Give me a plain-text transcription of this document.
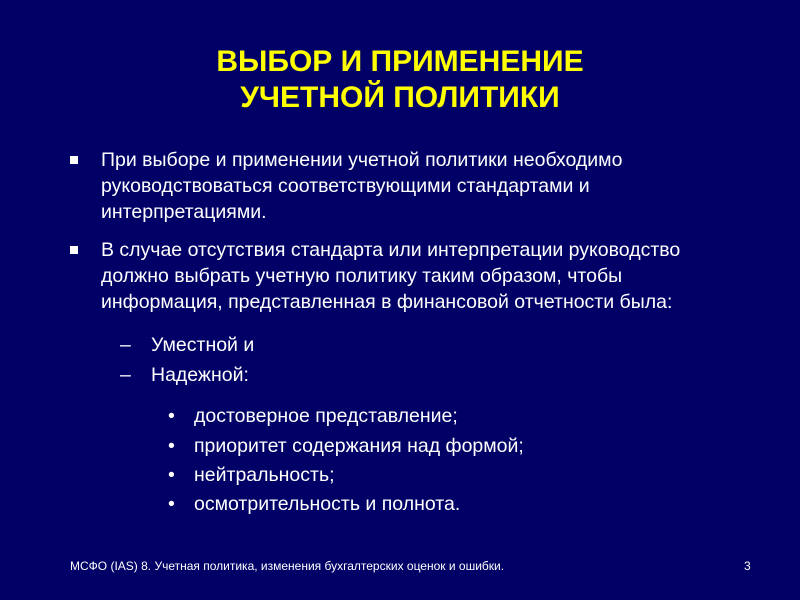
ВЫБОР И ПРИМЕНЕНИЕ
УЧЕТНОЙ ПОЛИТИКИ
При выборе и применении учетной политики необходимо
руководствоваться соответствующими стандартами и
интерпретациями.
В случае отсутствия стандарта или интерпретации руководство
должно выбрать учетную политику таким образом, чтобы
информация, представленная в финансовой отчетности была:
– Уместной и
– Надежной:
• достоверное представление;
• приоритет содержания над формой;
• нейтральность;
• осмотрительность и полнота.
МСФО (IAS) 8. Учетная политика, изменения бухгалтерских оценок и ошибки.	3
